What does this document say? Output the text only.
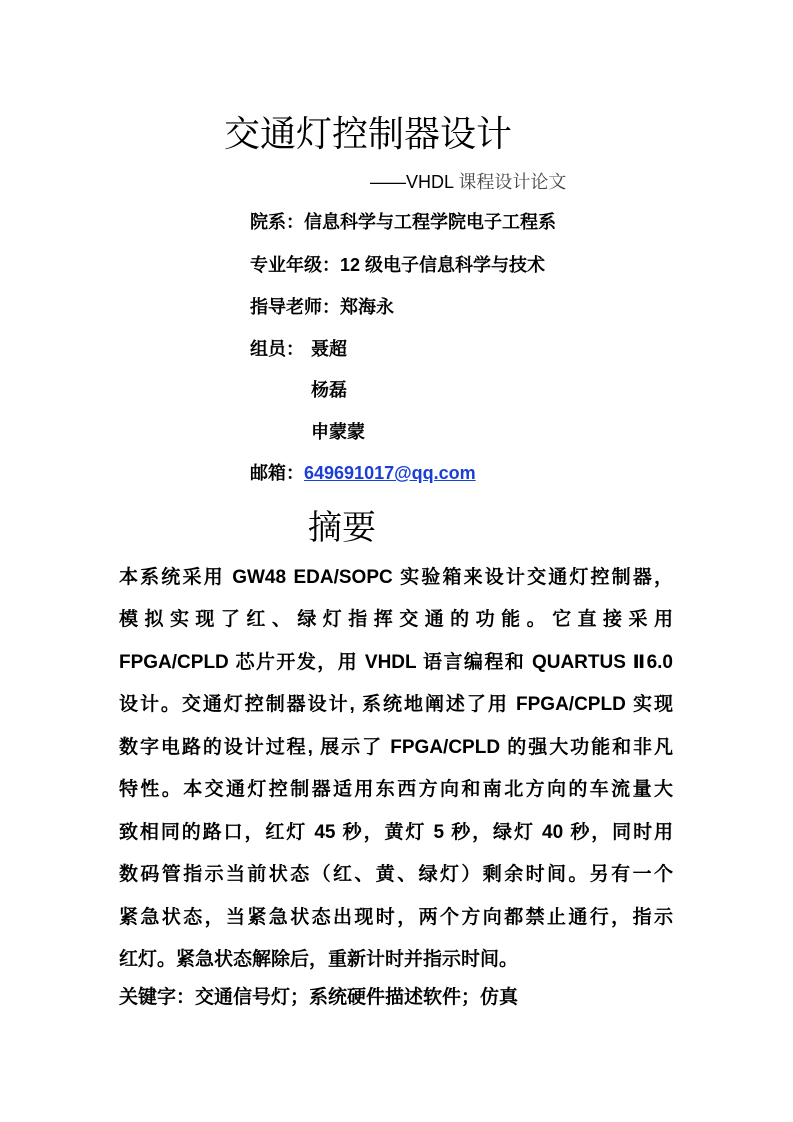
交通灯控制器设计
——VHDL 课程设计论文
院系：信息科学与工程学院电子工程系
专业年级：12 级电子信息科学与技术
指导老师：郑海永
组员： 聂超
杨磊
申蒙蒙
邮箱：649691017@qq.com
摘要
本系统采用 GW48 EDA/SOPC 实验箱来设计交通灯控制器，
模拟实现了红、绿灯指挥交通的功能。它直接采用
FPGA/CPLD 芯片开发，用 VHDL 语言编程和 QUARTUS Ⅱ6.0
设计。交通灯控制器设计, 系统地阐述了用 FPGA/CPLD 实现
数字电路的设计过程, 展示了 FPGA/CPLD 的强大功能和非凡
特性。本交通灯控制器适用东西方向和南北方向的车流量大
致相同的路口，红灯 45 秒，黄灯 5 秒，绿灯 40 秒，同时用
数码管指示当前状态（红、黄、绿灯）剩余时间。另有一个
紧急状态，当紧急状态出现时，两个方向都禁止通行，指示
红灯。紧急状态解除后，重新计时并指示时间。
关键字：交通信号灯；系统硬件描述软件；仿真
